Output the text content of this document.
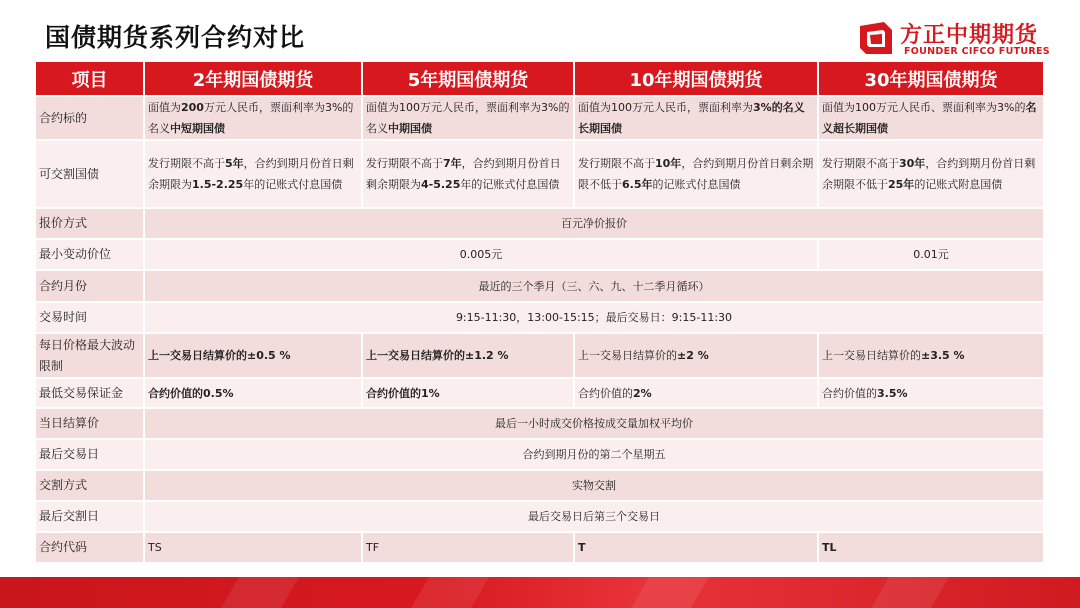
国债期货系列合约对比	方正中期期货
FOUNDER CIFCO FUTURES
项目	2年期国债期货	5年期国债期货	10年期国债期货	30年期国债期货
合约标的	面值为200万元人民币，票面利率为3%的名义中短期国债	面值为100万元人民币，票面利率为3%的名义中期国债	面值为100万元人民币，票面利率为3%的名义长期国债	面值为100万元人民币、票面利率为3%的名义超长期国债
可交割国债	发行期限不高于5年，合约到期月份首日剩余期限为1.5-2.25年的记账式付息国债	发行期限不高于7年，合约到期月份首日剩余期限为4-5.25年的记账式付息国债	发行期限不高于10年，合约到期月份首日剩余期限不低于6.5年的记账式付息国债	发行期限不高于30年，合约到期月份首日剩余期限不低于25年的记账式附息国债
报价方式	百元净价报价			
最小变动价位	0.005元			0.01元
合约月份	最近的三个季月（三、六、九、十二季月循环）			
交易时间	9:15-11:30，13:00-15:15；最后交易日：9:15-11:30			
每日价格最大波动限制	上一交易日结算价的±0.5 %	上一交易日结算价的±1.2 %	上一交易日结算价的±2 %	上一交易日结算价的±3.5 %
最低交易保证金	合约价值的0.5%	合约价值的1%	合约价值的2%	合约价值的3.5%
当日结算价	最后一小时成交价格按成交量加权平均价			
最后交易日	合约到期月份的第二个星期五			
交割方式	实物交割			
最后交割日	最后交易日后第三个交易日			
合约代码	TS	TF	T	TL
